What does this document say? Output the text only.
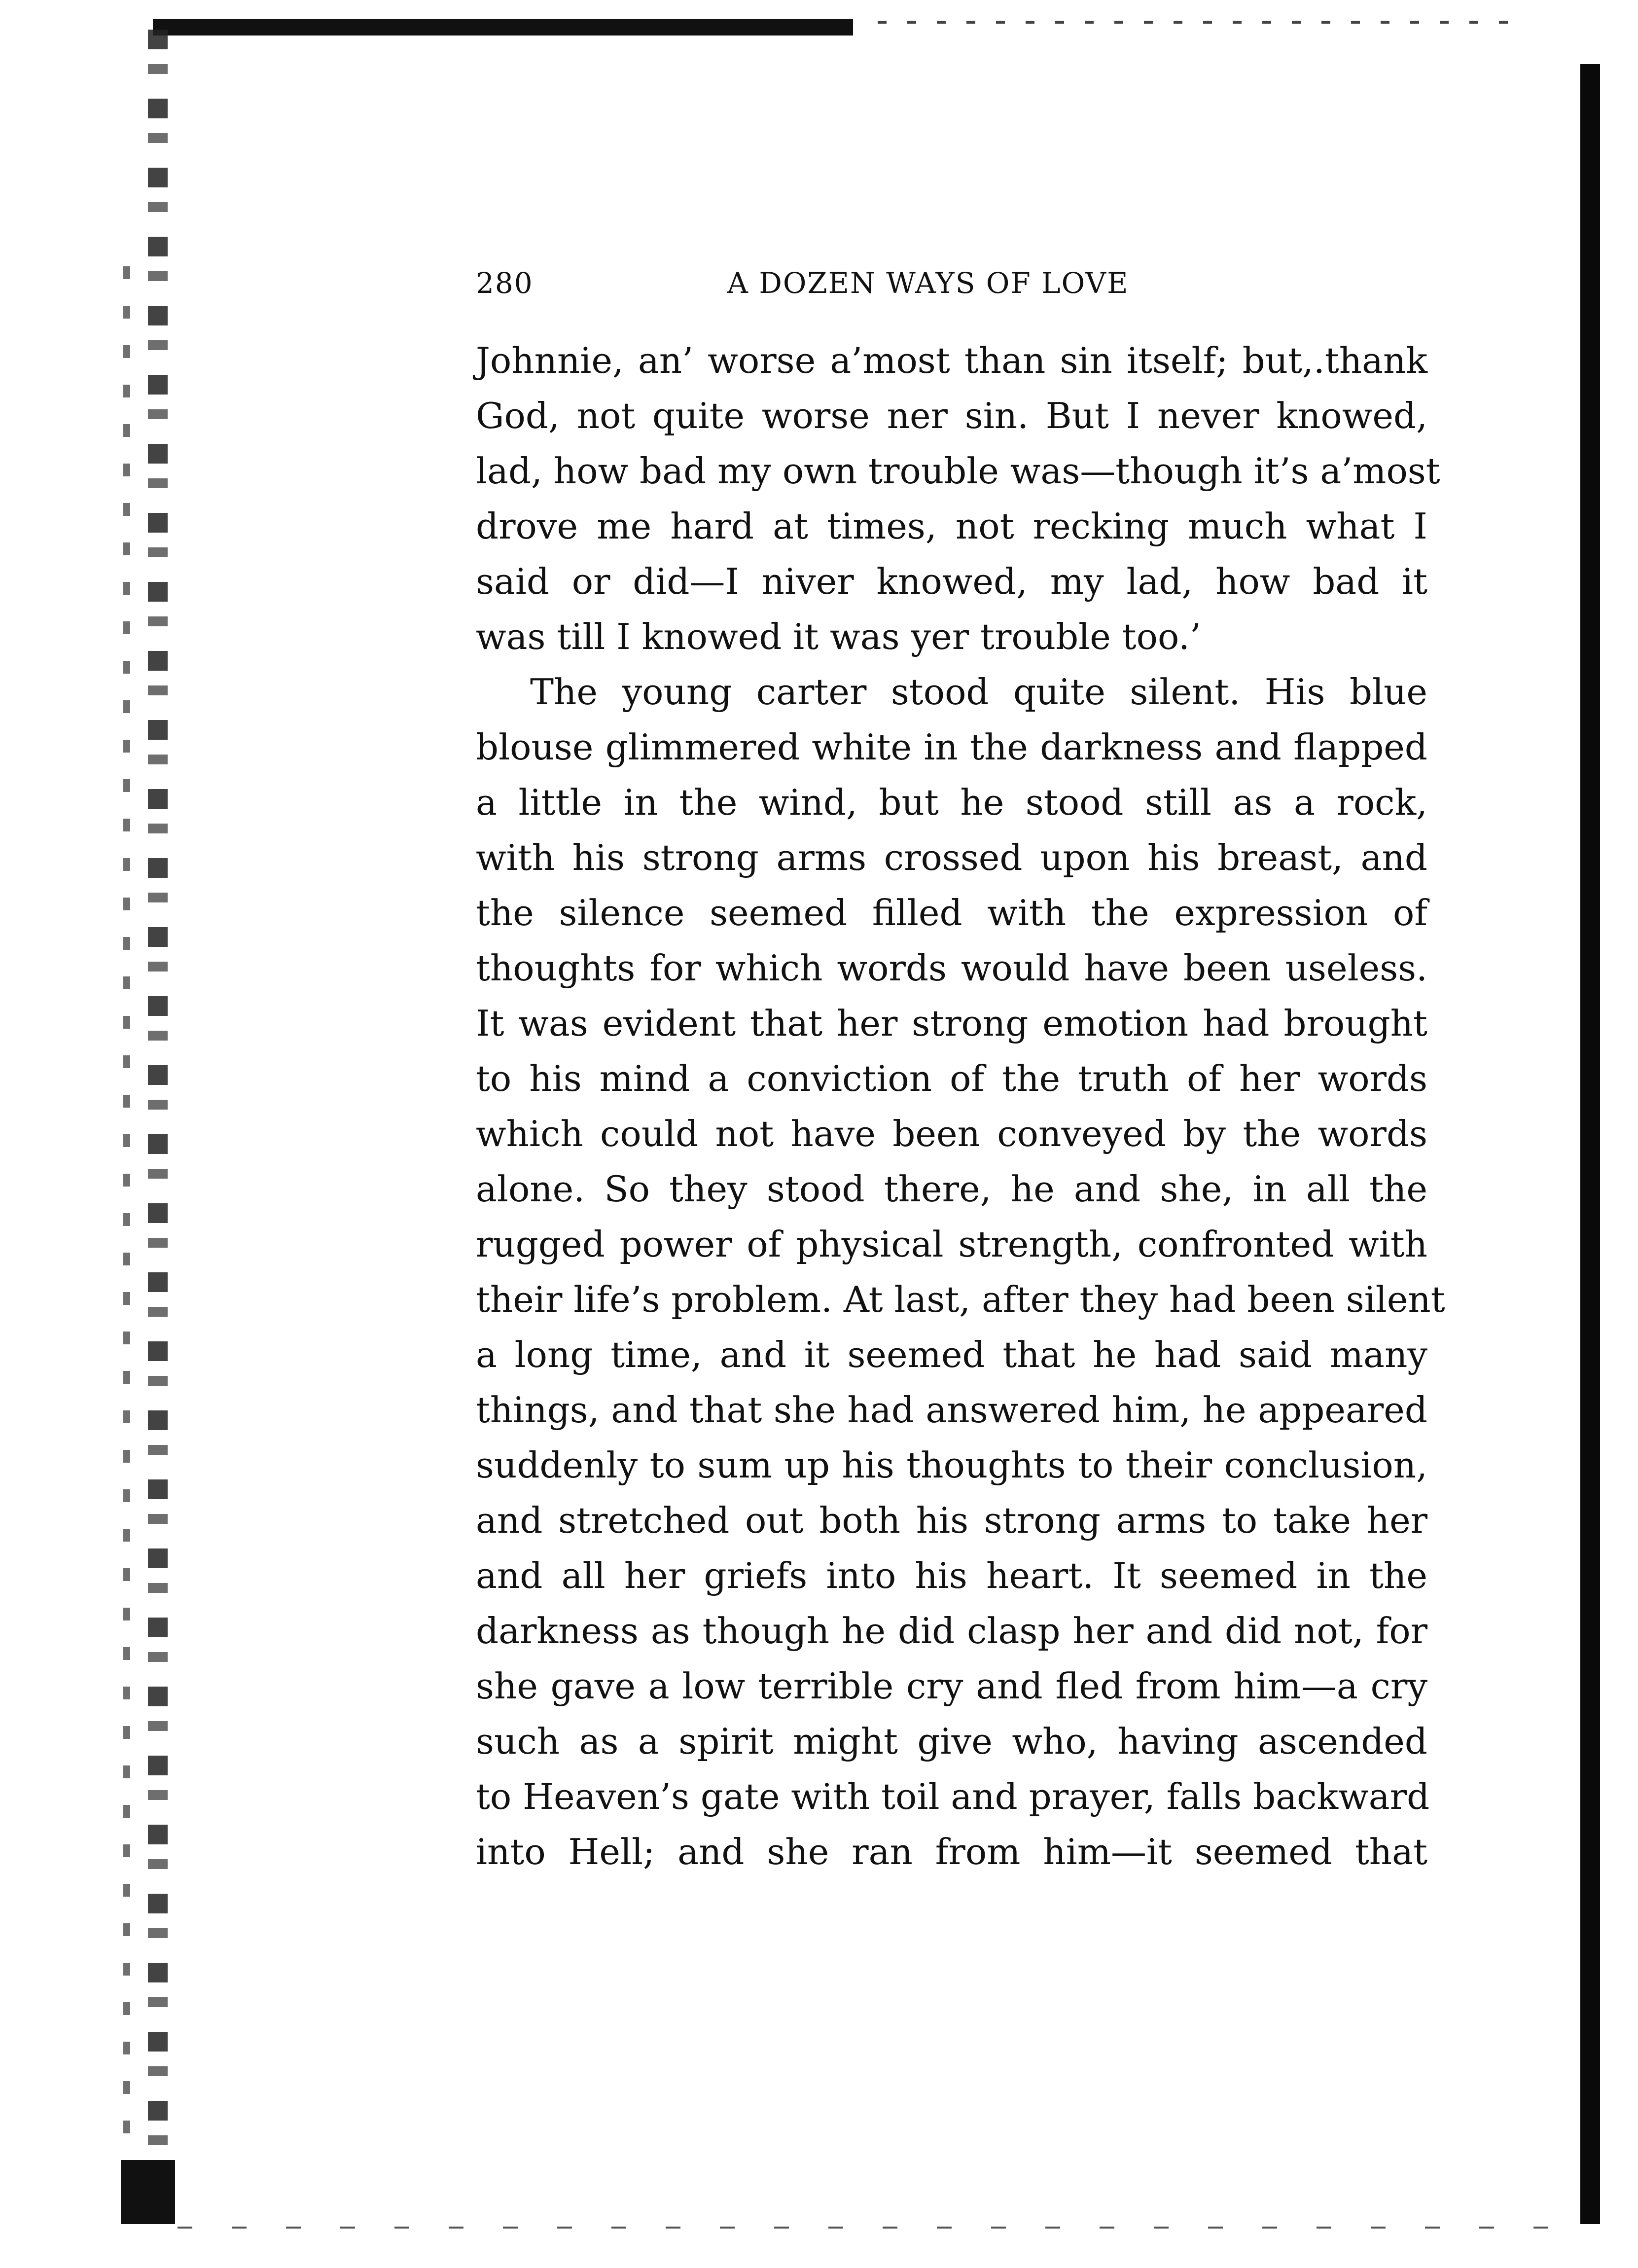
280	A DOZEN WAYS OF LOVE
Johnnie, an’ worse a’most than sin itself; but,.thank
God, not quite worse ner sin. But I never knowed,
lad, how bad my own trouble was—though it’s a’most
drove me hard at times, not recking much what I
said or did—I niver knowed, my lad, how bad it
was till I knowed it was yer trouble too.’
The young carter stood quite silent. His blue
blouse glimmered white in the darkness and flapped
a little in the wind, but he stood still as a rock,
with his strong arms crossed upon his breast, and
the silence seemed filled with the expression of
thoughts for which words would have been useless.
It was evident that her strong emotion had brought
to his mind a conviction of the truth of her words
which could not have been conveyed by the words
alone. So they stood there, he and she, in all the
rugged power of physical strength, confronted with
their life’s problem. At last, after they had been silent
a long time, and it seemed that he had said many
things, and that she had answered him, he appeared
suddenly to sum up his thoughts to their conclusion,
and stretched out both his strong arms to take her
and all her griefs into his heart. It seemed in the
darkness as though he did clasp her and did not, for
she gave a low terrible cry and fled from him—a cry
such as a spirit might give who, having ascended
to Heaven’s gate with toil and prayer, falls backward
into Hell; and she ran from him—it seemed that
